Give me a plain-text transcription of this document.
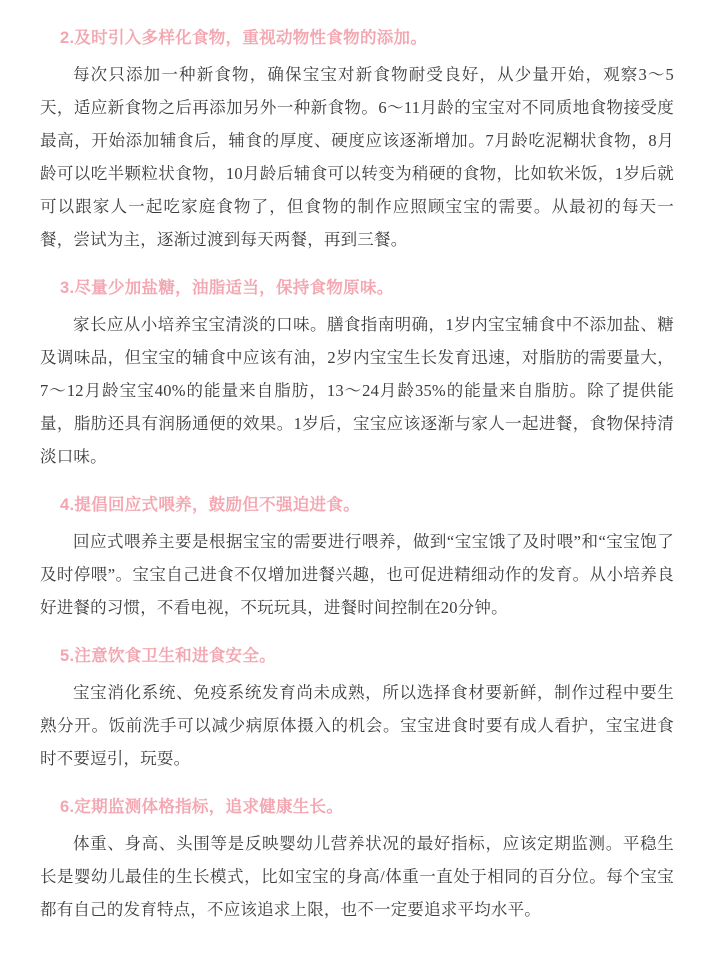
2.及时引入多样化食物，重视动物性食物的添加。
每次只添加一种新食物，确保宝宝对新食物耐受良好，从少量开始，观察3～5天，适应新食物之后再添加另外一种新食物。6～11月龄的宝宝对不同质地食物接受度最高，开始添加辅食后，辅食的厚度、硬度应该逐渐增加。7月龄吃泥糊状食物，8月龄可以吃半颗粒状食物，10月龄后辅食可以转变为稍硬的食物，比如软米饭，1岁后就可以跟家人一起吃家庭食物了，但食物的制作应照顾宝宝的需要。从最初的每天一餐，尝试为主，逐渐过渡到每天两餐，再到三餐。
3.尽量少加盐糖，油脂适当，保持食物原味。
家长应从小培养宝宝清淡的口味。膳食指南明确，1岁内宝宝辅食中不添加盐、糖及调味品，但宝宝的辅食中应该有油，2岁内宝宝生长发育迅速，对脂肪的需要量大，7～12月龄宝宝40%的能量来自脂肪，13～24月龄35%的能量来自脂肪。除了提供能量，脂肪还具有润肠通便的效果。1岁后，宝宝应该逐渐与家人一起进餐，食物保持清淡口味。
4.提倡回应式喂养，鼓励但不强迫进食。
回应式喂养主要是根据宝宝的需要进行喂养，做到“宝宝饿了及时喂”和“宝宝饱了及时停喂”。宝宝自己进食不仅增加进餐兴趣，也可促进精细动作的发育。从小培养良好进餐的习惯，不看电视，不玩玩具，进餐时间控制在20分钟。
5.注意饮食卫生和进食安全。
宝宝消化系统、免疫系统发育尚未成熟，所以选择食材要新鲜，制作过程中要生熟分开。饭前洗手可以减少病原体摄入的机会。宝宝进食时要有成人看护，宝宝进食时不要逗引，玩耍。
6.定期监测体格指标，追求健康生长。
体重、身高、头围等是反映婴幼儿营养状况的最好指标，应该定期监测。平稳生长是婴幼儿最佳的生长模式，比如宝宝的身高/体重一直处于相同的百分位。每个宝宝都有自己的发育特点，不应该追求上限，也不一定要追求平均水平。
